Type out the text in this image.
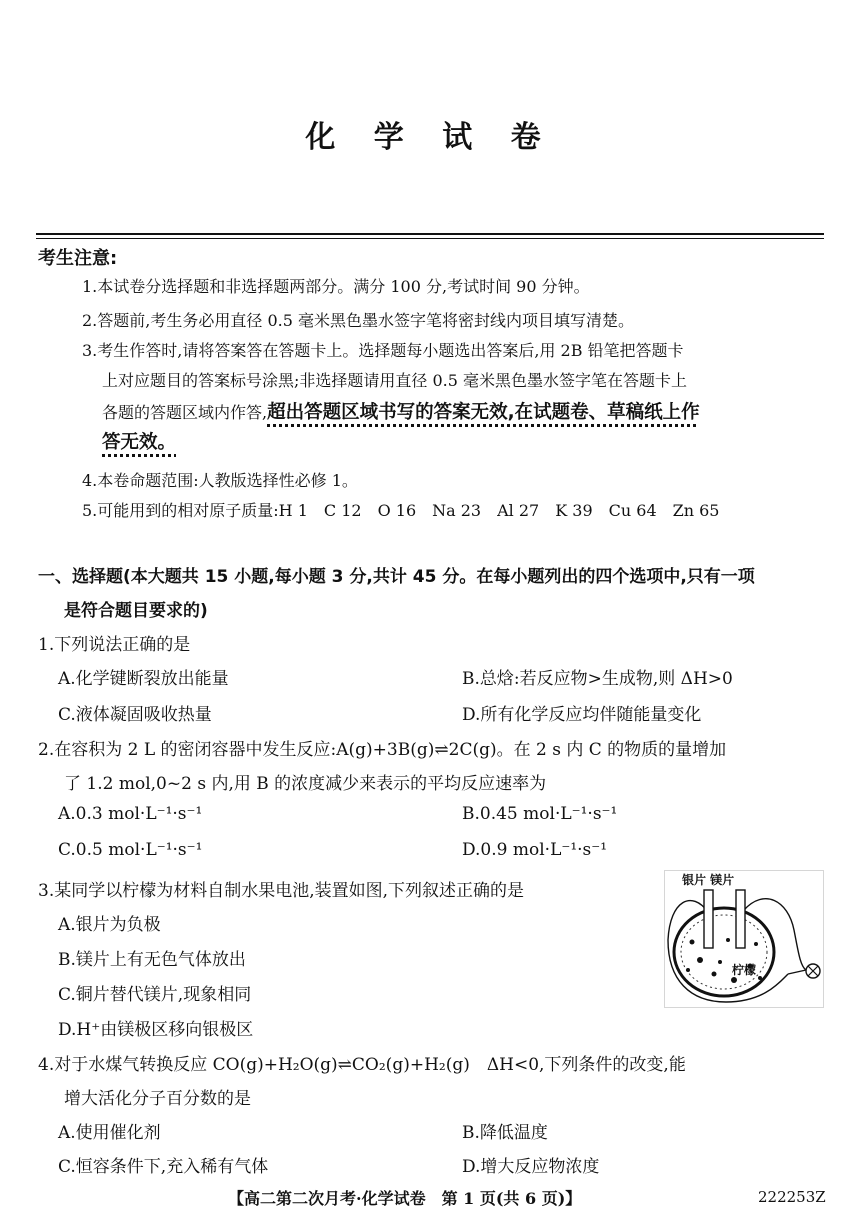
化 学 试 卷
考生注意:
1.本试卷分选择题和非选择题两部分。满分 100 分,考试时间 90 分钟。
2.答题前,考生务必用直径 0.5 毫米黑色墨水签字笔将密封线内项目填写清楚。
3.考生作答时,请将答案答在答题卡上。选择题每小题选出答案后,用 2B 铅笔把答题卡
上对应题目的答案标号涂黑;非选择题请用直径 0.5 毫米黑色墨水签字笔在答题卡上
各题的答题区域内作答,超出答题区域书写的答案无效,在试题卷、草稿纸上作
答无效。
4.本卷命题范围:人教版选择性必修 1。
5.可能用到的相对原子质量:H 1　C 12　O 16　Na 23　Al 27　K 39　Cu 64　Zn 65
一、选择题(本大题共 15 小题,每小题 3 分,共计 45 分。在每小题列出的四个选项中,只有一项
是符合题目要求的)
1.下列说法正确的是
A.化学键断裂放出能量	B.总焓:若反应物>生成物,则 ΔH>0
C.液体凝固吸收热量	D.所有化学反应均伴随能量变化
2.在容积为 2 L 的密闭容器中发生反应:A(g)+3B(g)⇌2C(g)。在 2 s 内 C 的物质的量增加
了 1.2 mol,0~2 s 内,用 B 的浓度减少来表示的平均反应速率为
A.0.3 mol·L⁻¹·s⁻¹	B.0.45 mol·L⁻¹·s⁻¹
C.0.5 mol·L⁻¹·s⁻¹	D.0.9 mol·L⁻¹·s⁻¹
3.某同学以柠檬为材料自制水果电池,装置如图,下列叙述正确的是
A.银片为负极
B.镁片上有无色气体放出
C.铜片替代镁片,现象相同
D.H⁺由镁极区移向银极区
银片 镁片
柠檬
4.对于水煤气转换反应 CO(g)+H₂O(g)⇌CO₂(g)+H₂(g)　ΔH<0,下列条件的改变,能
增大活化分子百分数的是
A.使用催化剂	B.降低温度
C.恒容条件下,充入稀有气体	D.增大反应物浓度
【高二第二次月考·化学试卷　第 1 页(共 6 页)】	222253Z
